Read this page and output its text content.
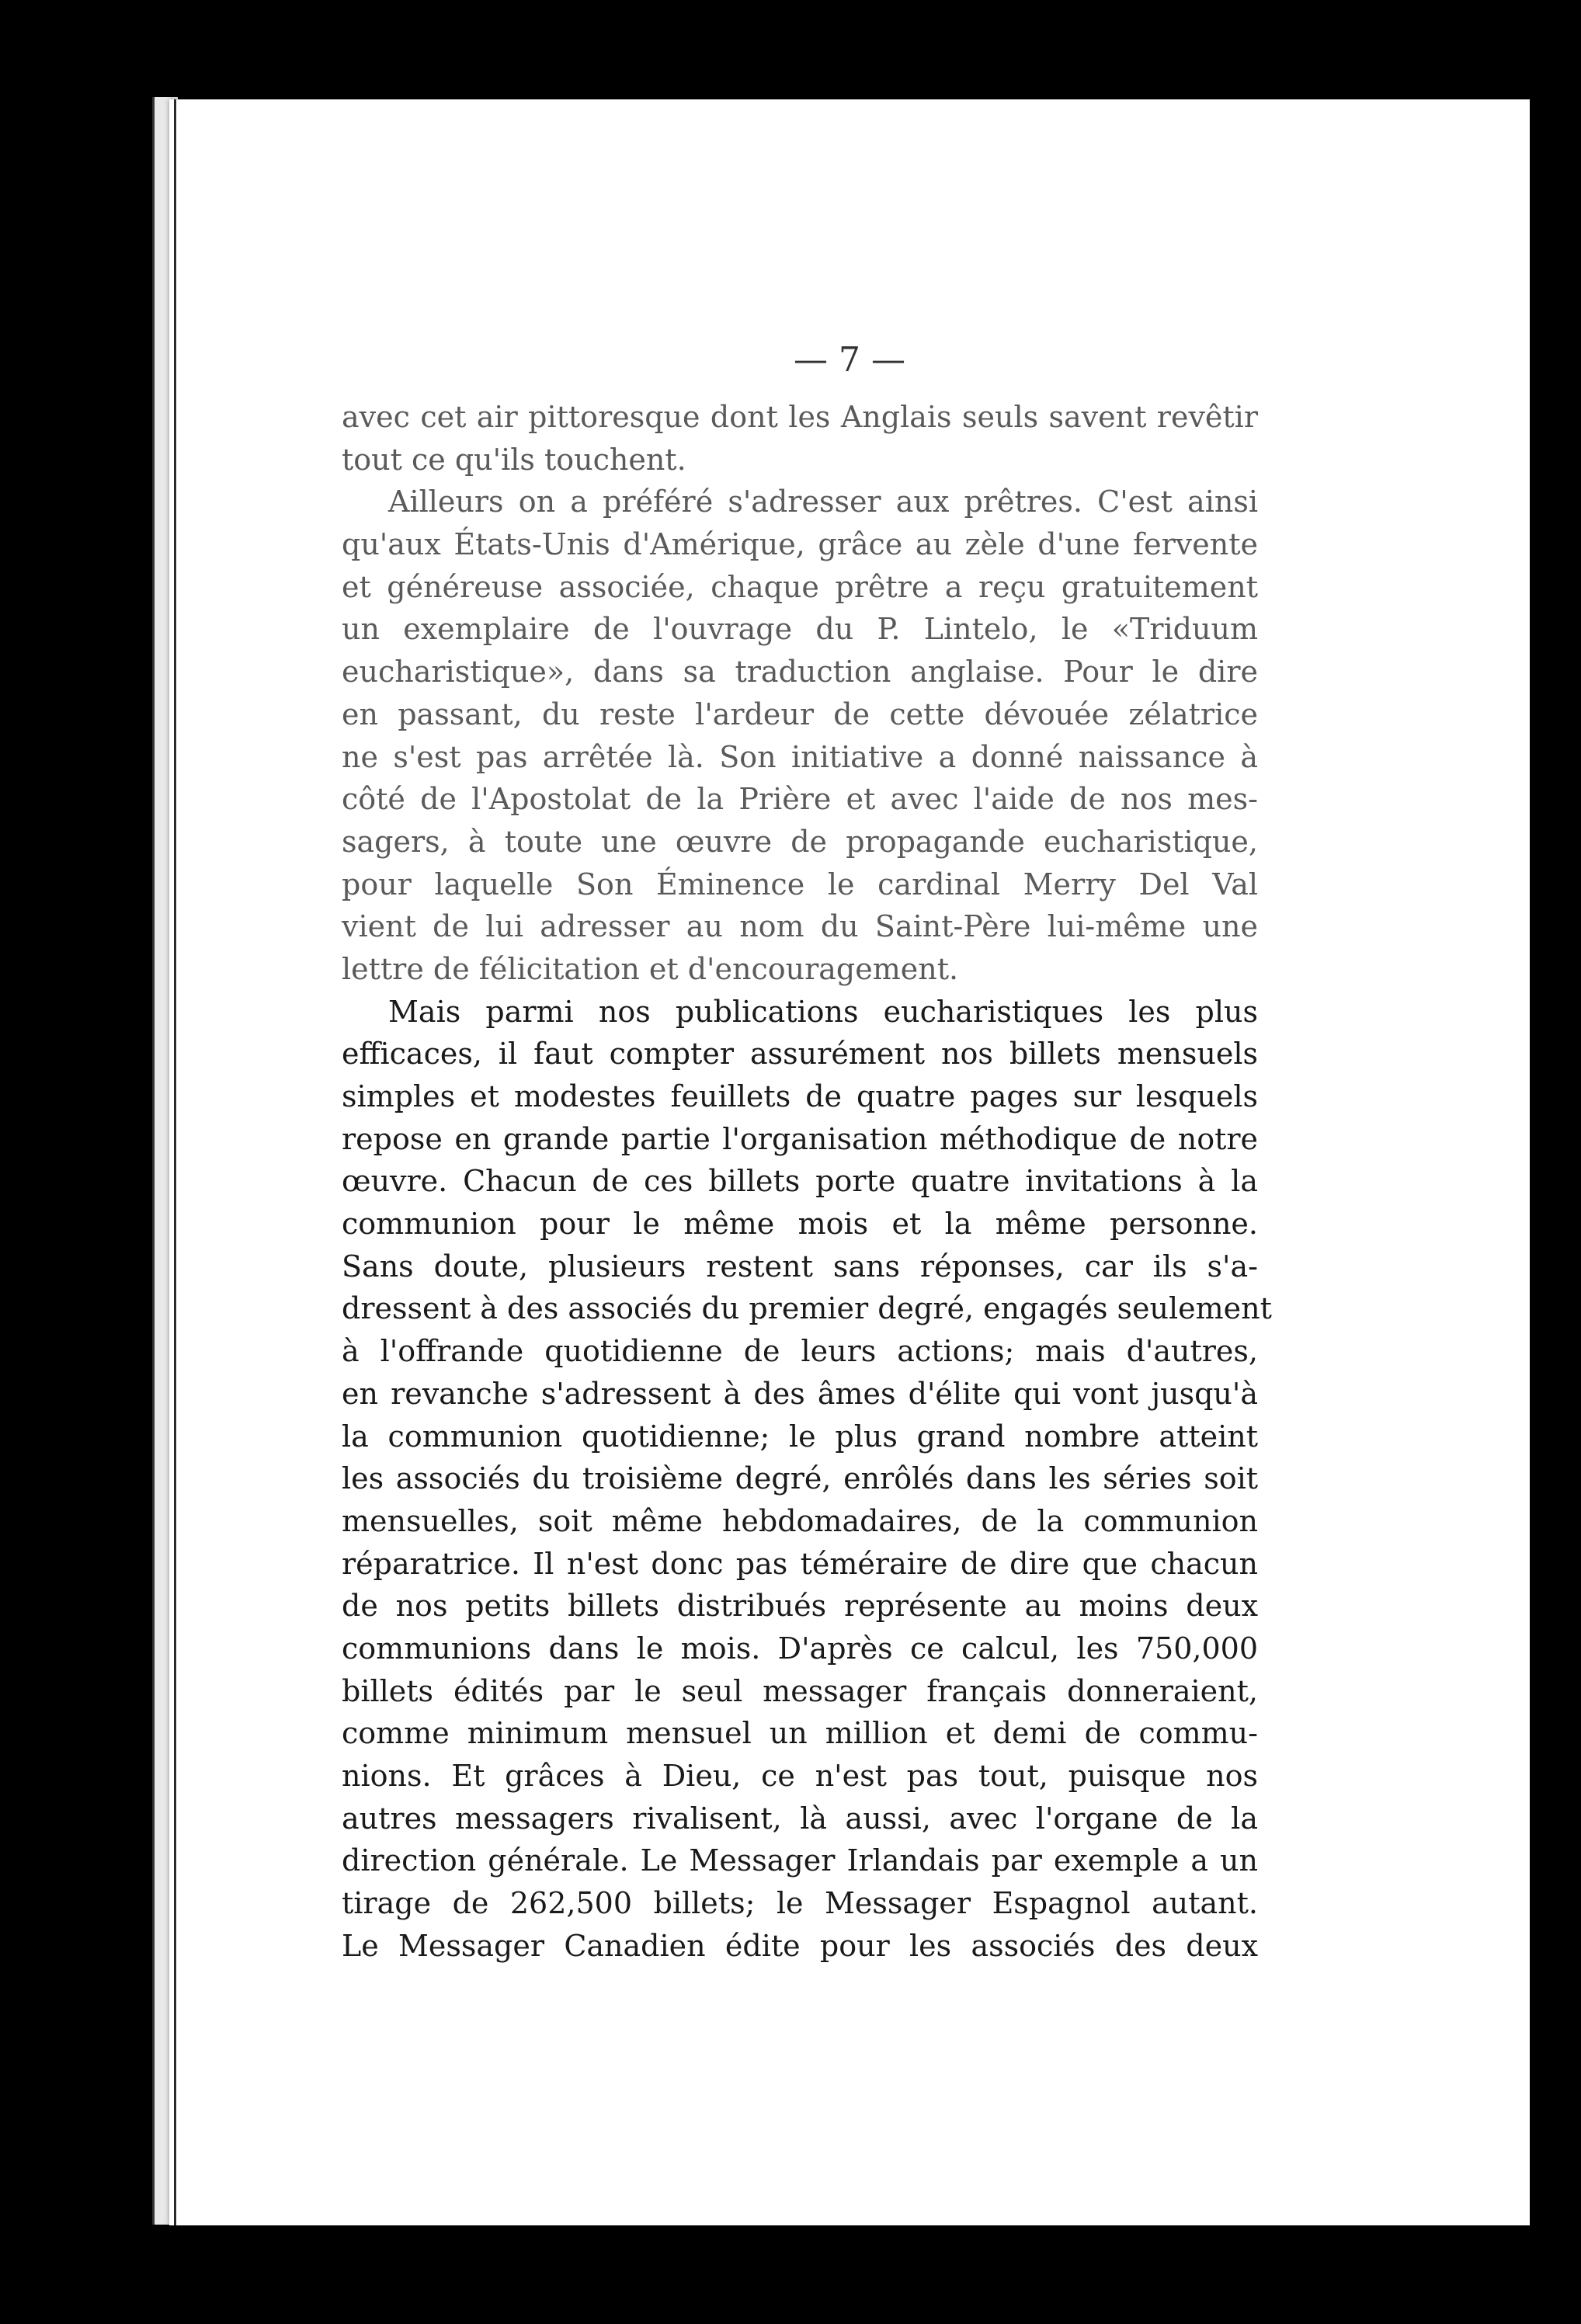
— 7 —
avec cet air pittoresque dont les Anglais seuls savent revêtir
tout ce qu'ils touchent.
Ailleurs on a préféré s'adresser aux prêtres. C'est ainsi
qu'aux États-Unis d'Amérique, grâce au zèle d'une fervente
et généreuse associée, chaque prêtre a reçu gratuitement
un exemplaire de l'ouvrage du P. Lintelo, le «Triduum
eucharistique», dans sa traduction anglaise. Pour le dire
en passant, du reste l'ardeur de cette dévouée zélatrice
ne s'est pas arrêtée là. Son initiative a donné naissance à
côté de l'Apostolat de la Prière et avec l'aide de nos mes-
sagers, à toute une œuvre de propagande eucharistique,
pour laquelle Son Éminence le cardinal Merry Del Val
vient de lui adresser au nom du Saint-Père lui-même une
lettre de félicitation et d'encouragement.
Mais parmi nos publications eucharistiques les plus
efficaces, il faut compter assurément nos billets mensuels
simples et modestes feuillets de quatre pages sur lesquels
repose en grande partie l'organisation méthodique de notre
œuvre. Chacun de ces billets porte quatre invitations à la
communion pour le même mois et la même personne.
Sans doute, plusieurs restent sans réponses, car ils s'a-
dressent à des associés du premier degré, engagés seulement
à l'offrande quotidienne de leurs actions; mais d'autres,
en revanche s'adressent à des âmes d'élite qui vont jusqu'à
la communion quotidienne; le plus grand nombre atteint
les associés du troisième degré, enrôlés dans les séries soit
mensuelles, soit même hebdomadaires, de la communion
réparatrice. Il n'est donc pas téméraire de dire que chacun
de nos petits billets distribués représente au moins deux
communions dans le mois. D'après ce calcul, les 750,000
billets édités par le seul messager français donneraient,
comme minimum mensuel un million et demi de commu-
nions. Et grâces à Dieu, ce n'est pas tout, puisque nos
autres messagers rivalisent, là aussi, avec l'organe de la
direction générale. Le Messager Irlandais par exemple a un
tirage de 262,500 billets; le Messager Espagnol autant.
Le Messager Canadien édite pour les associés des deux
